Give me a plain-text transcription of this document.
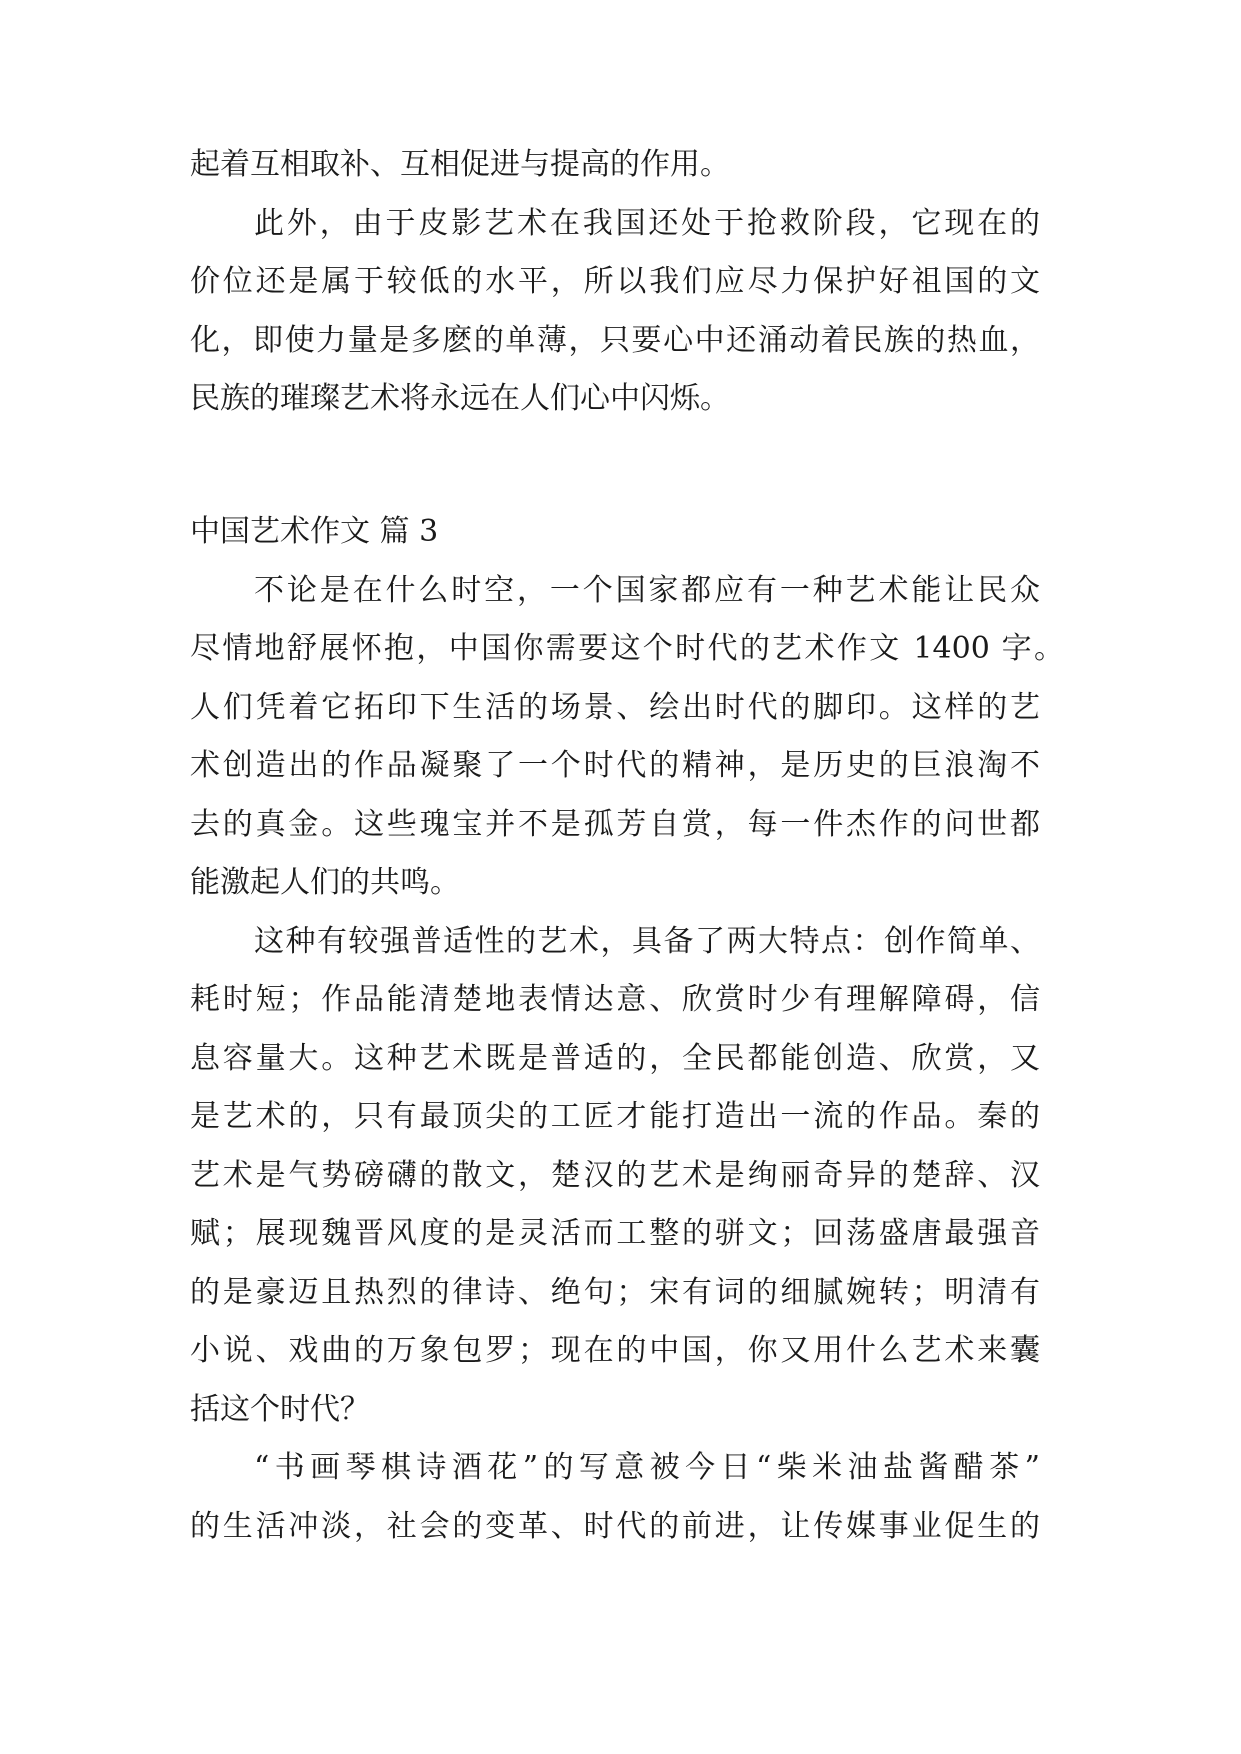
起着互相取补、互相促进与提高的作用。

此外，由于皮影艺术在我国还处于抢救阶段，它现在的

价位还是属于较低的水平，所以我们应尽力保护好祖国的文

化，即使力量是多麽的单薄，只要心中还涌动着民族的热血，

民族的璀璨艺术将永远在人们心中闪烁。

中国艺术作文 篇 3

不论是在什么时空，一个国家都应有一种艺术能让民众

尽情地舒展怀抱，中国你需要这个时代的艺术作文 1400 字。

人们凭着它拓印下生活的场景、绘出时代的脚印。这样的艺

术创造出的作品凝聚了一个时代的精神，是历史的巨浪淘不

去的真金。这些瑰宝并不是孤芳自赏，每一件杰作的问世都

能激起人们的共鸣。

这种有较强普适性的艺术，具备了两大特点：创作简单、

耗时短；作品能清楚地表情达意、欣赏时少有理解障碍，信

息容量大。这种艺术既是普适的，全民都能创造、欣赏，又

是艺术的，只有最顶尖的工匠才能打造出一流的作品。秦的

艺术是气势磅礴的散文，楚汉的艺术是绚丽奇异的楚辞、汉

赋；展现魏晋风度的是灵活而工整的骈文；回荡盛唐最强音

的是豪迈且热烈的律诗、绝句；宋有词的细腻婉转；明清有

小说、戏曲的万象包罗；现在的中国，你又用什么艺术来囊

括这个时代？

“书画琴棋诗酒花”的写意被今日“柴米油盐酱醋茶”

的生活冲淡，社会的变革、时代的前进，让传媒事业促生的
